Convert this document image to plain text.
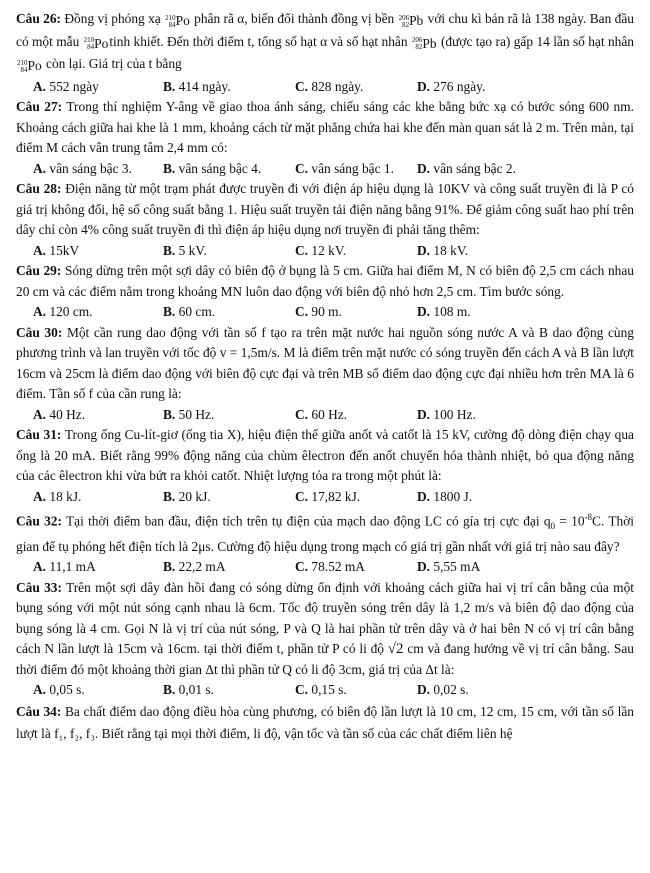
Câu 26: Đồng vị phóng xạ 210
84 Po phân rã α, biến đổi thành đồng vị bền 206
82 Pb với chu kì bán rã là 138 ngày. Ban đầu có một mẫu 210
84 Potinh khiết. Đến thời điểm t, tổng số hạt α và số hạt nhân 206
82 Pb (được tạo ra) gấp 14 lần số hạt nhân
210
84 Po còn lại. Giá trị của t bằng

A. 552 ngày	B. 414 ngày.	C. 828 ngày.	D. 276 ngày.

Câu 27: Trong thí nghiệm Y-âng về giao thoa ánh sáng, chiếu sáng các khe bằng bức xạ có bước sóng 600 nm. Khoảng cách giữa hai khe là 1 mm, khoảng cách từ mặt phẳng chứa hai khe đến màn quan sát là 2 m. Trên màn, tại điểm M cách vân trung tâm 2,4 mm có:

A. vân sáng bậc 3.	B. vân sáng bậc 4.	C. vân sáng bậc 1.	D. vân sáng bậc 2.

Câu 28: Điện năng từ một trạm phát được truyền đi với điện áp hiệu dụng là 10KV và công suất truyền đi là P có giá trị không đổi, hệ số công suất bằng 1. Hiệu suất truyền tải điện năng bằng 91%. Để giảm công suất hao phí trên dây chỉ còn 4% công suất truyền đi thì điện áp hiệu dụng nơi truyền đi phải tăng thêm:

A. 15kV	B. 5 kV.	C. 12 kV.	D. 18 kV.

Câu 29: Sóng dừng trên một sợi dây có biên độ ở bụng là 5 cm. Giữa hai điểm M, N có biên độ 2,5 cm cách nhau 20 cm và các điểm nằm trong khoảng MN luôn dao động với biên độ nhỏ hơn 2,5 cm. Tìm bước sóng.

A. 120 cm.	B. 60 cm.	C. 90 m.	D. 108 m.

Câu 30: Một cần rung dao động với tần số f tạo ra trên mặt nước hai nguồn sóng nước A và B dao động cùng phương trình và lan truyền với tốc độ v = 1,5m/s. M là điểm trên mặt nước có sóng truyền đến cách A và B lần lượt 16cm và 25cm là điểm dao động với biên độ cực đại và trên MB số điểm dao động cực đại nhiều hơn trên MA là 6 điểm. Tần số f của cần rung là:

A. 40 Hz.	B. 50 Hz.	C. 60 Hz.	D. 100 Hz.

Câu 31: Trong ống Cu-lít-giơ (ống tia X), hiệu điện thế giữa anốt và catốt là 15 kV, cường độ dòng điện chạy qua ống là 20 mA. Biết rằng 99% động năng của chùm êlectron đến anốt chuyển hóa thành nhiệt, bỏ qua động năng của các êlectron khi vừa bứt ra khỏi catốt. Nhiệt lượng tỏa ra trong một phút là:

A. 18 kJ.	B. 20 kJ.	C. 17,82 kJ.	D. 1800 J.

Câu 32: Tại thời điểm ban đầu, điện tích trên tụ điện của mạch dao động LC có gía trị cực đại $q_0 = 10^{-8}C$. Thời gian để tụ phóng hết điện tích là 2μs. Cường độ hiệu dụng trong mạch có giá trị gần nhất với giá trị nào sau đây?

A. 11,1 mA	B. 22,2 mA	C. 78.52 mA	D. 5,55 mA

Câu 33: Trên một sợi dây đàn hồi đang có sóng dừng ổn định với khoảng cách giữa hai vị trí cân bằng của một bụng sóng với một nút sóng cạnh nhau là 6cm. Tốc độ truyền sóng trên dây là 1,2 m/s và biên độ dao động của bụng sóng là 4 cm. Gọi N là vị trí của nút sóng, P và Q là hai phần tử trên dây và ở hai bên N có vị trí cân bằng cách N lần lượt là 15cm và 16cm. tại thời điểm t, phần tử P có li độ √2 cm và đang hướng về vị trí cân bằng. Sau thời điểm đó một khoảng thời gian Δt thì phần tử Q có li độ 3cm, giá trị của Δt là:

A. 0,05 s.	B. 0,01 s.	C. 0,15 s.	D. 0,02 s.

Câu 34: Ba chất điểm dao động điều hòa cùng phương, có biên độ lần lượt là 10 cm, 12 cm, 15 cm, với tần số lần lượt là f₁, f₂, f₃. Biết rằng tại mọi thời điểm, li độ, vận tốc và tần số của các chất điểm liên hệ
